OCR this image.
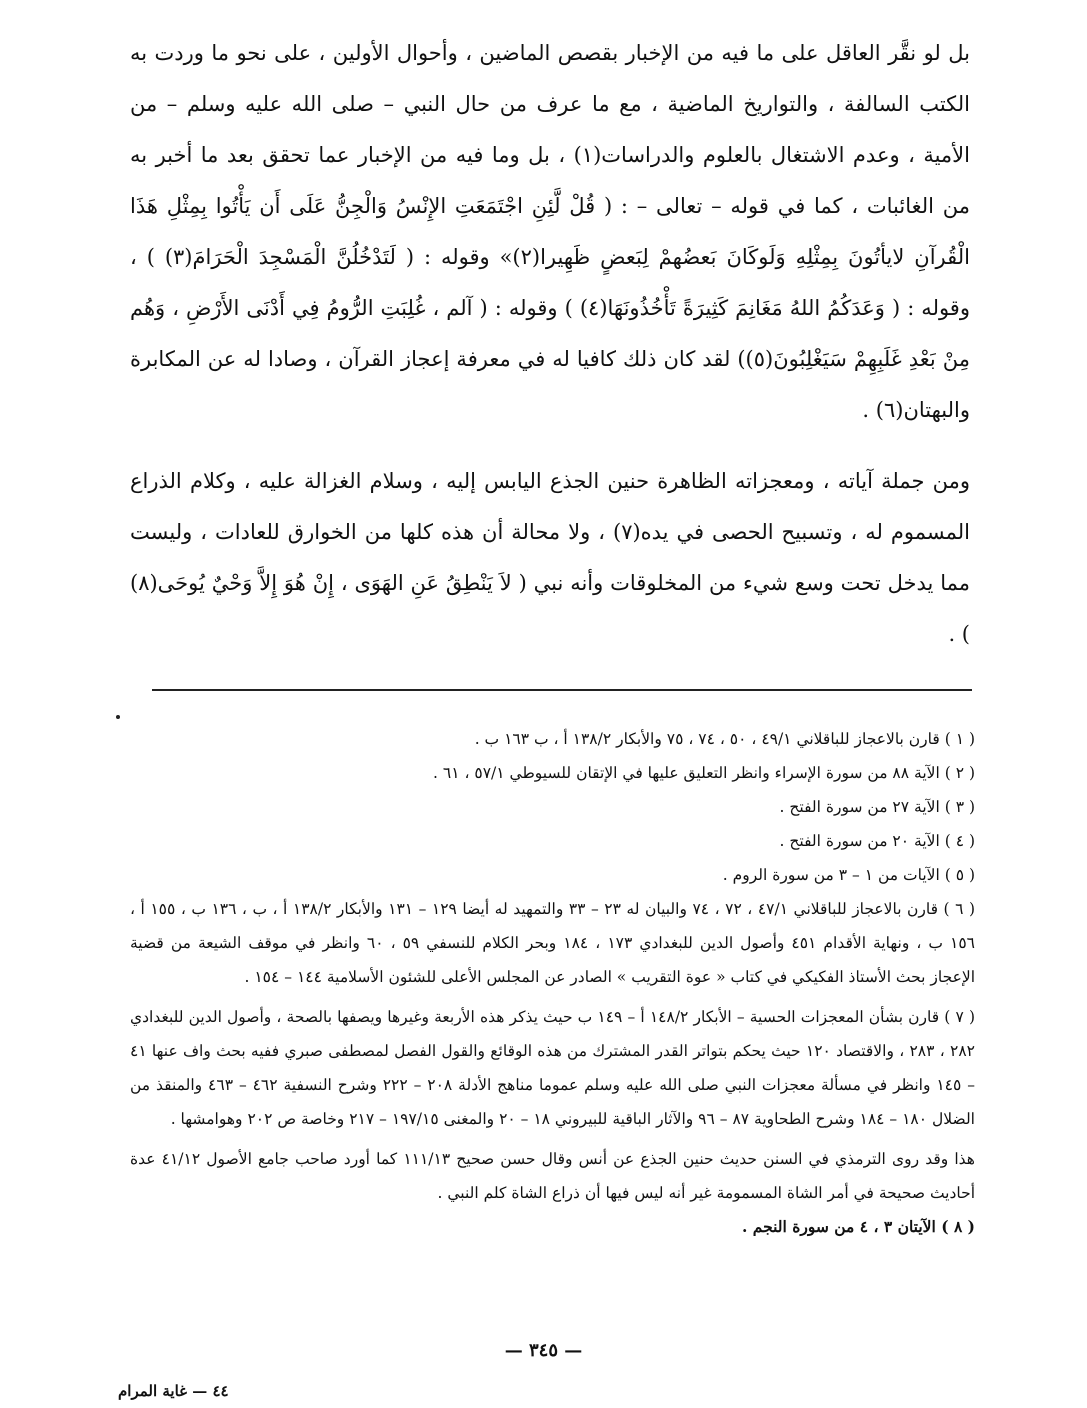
بل لو نقَّر العاقل على ما فيه من الإخبار بقصص الماضين ، وأحوال الأولين ، على نحو ما وردت به الكتب السالفة ، والتواريخ الماضية ، مع ما عرف من حال النبي – صلى الله عليه وسلم – من الأمية ، وعدم الاشتغال بالعلوم والدراسات(١) ، بل وما فيه من الإخبار عما تحقق بعد ما أخبر به من الغائبات ، كما في قوله – تعالى – : ( قُلْ لَّئِنِ اجْتَمَعَتِ الإِنْسُ وَالْجِنُّ عَلَى أَن يَأْتُوا بِمِثْلِ هَذَا الْقُرآنِ لايأتُونَ بِمِثْلِهِ وَلَوكَانَ بَعضُهمْ لِبَعضٍ ظَهِيرا(٢)» وقوله : ( لَتَدْخُلُنَّ الْمَسْجِدَ الْحَرَامَ(٣) ) ، وقوله : ( وَعَدَكُمُ اللهُ مَغَانِمَ كَثِيرَةً تَأْخُذُونَهَا(٤) ) وقوله : ( آلم ، غُلِبَتِ الرُّومُ فِي أَدْنَى الأَرْضِ ، وَهُم مِنْ بَعْدِ غَلَبِهِمْ سَيَغْلِبُونَ(٥)) لقد كان ذلك كافيا له في معرفة إعجاز القرآن ، وصادا له عن المكابرة والبهتان(٦) .

ومن جملة آياته ، ومعجزاته الظاهرة حنين الجذع اليابس إليه ، وسلام الغزالة عليه ، وكلام الذراع المسموم له ، وتسبيح الحصى في يده(٧) ، ولا محالة أن هذه كلها من الخوارق للعادات ، وليست مما يدخل تحت وسع شيء من المخلوقات وأنه نبي ( لاَ يَنْطِقُ عَنِ الهَوَى ، إِنْ هُوَ إِلاَّ وَحْيٌ يُوحَى(٨) ) .

( ١ ) قارن بالاعجاز للباقلاني ٤٩/١ ، ٥٠ ، ٧٤ ، ٧٥ والأبكار ١٣٨/٢ أ ، ب ١٦٣ ب .

( ٢ ) الآية ٨٨ من سورة الإسراء وانظر التعليق عليها في الإتقان للسيوطي ٥٧/١ ، ٦١ .

( ٣ ) الآية ٢٧ من سورة الفتح .

( ٤ ) الآية ٢٠ من سورة الفتح .

( ٥ ) الآيات من ١ – ٣ من سورة الروم .

( ٦ ) قارن بالاعجاز للباقلاني ٤٧/١ ، ٧٢ ، ٧٤ والبيان له ٢٣ – ٣٣ والتمهيد له أيضا ١٢٩ – ١٣١ والأبكار ١٣٨/٢ أ ، ب ، ١٣٦ ب ، ١٥٥ أ ، ١٥٦ ب ، ونهاية الأقدام ٤٥١ وأصول الدين للبغدادي ١٧٣ ، ١٨٤ وبحر الكلام للنسفي ٥٩ ، ٦٠ وانظر في موقف الشيعة من قضية الإعجاز بحث الأستاذ الفكيكي في كتاب « عوة التقريب » الصادر عن المجلس الأعلى للشئون الأسلامية ١٤٤ – ١٥٤ .

( ٧ ) قارن بشأن المعجزات الحسية – الأبكار ١٤٨/٢ أ – ١٤٩ ب حيث يذكر هذه الأربعة وغيرها ويصفها بالصحة ، وأصول الدين للبغدادي ٢٨٢ ، ٢٨٣ ، والاقتصاد ١٢٠ حيث يحكم بتواتر القدر المشترك من هذه الوقائع والقول الفصل لمصطفى صبري ففيه بحث واف عنها ٤١ – ١٤٥ وانظر في مسألة معجزات النبي صلى الله عليه وسلم عموما مناهج الأدلة ٢٠٨ – ٢٢٢ وشرح النسفية ٤٦٢ – ٤٦٣ والمنقذ من الضلال ١٨٠ – ١٨٤ وشرح الطحاوية ٨٧ – ٩٦ والآثار الباقية للبيروني ١٨ – ٢٠ والمغنى ١٩٧/١٥ – ٢١٧ وخاصة ص ٢٠٢ وهوامشها .

هذا وقد روى الترمذي في السنن حديث حنين الجذع عن أنس وقال حسن صحيح ١١١/١٣ كما أورد صاحب جامع الأصول ٤١/١٢ عدة أحاديث صحيحة في أمر الشاة المسمومة غير أنه ليس فيها أن ذراع الشاة كلم النبي .

( ٨ ) الآيتان ٣ ، ٤ من سورة النجم .

— ٣٤٥ —
٤٤ — غاية المرام
